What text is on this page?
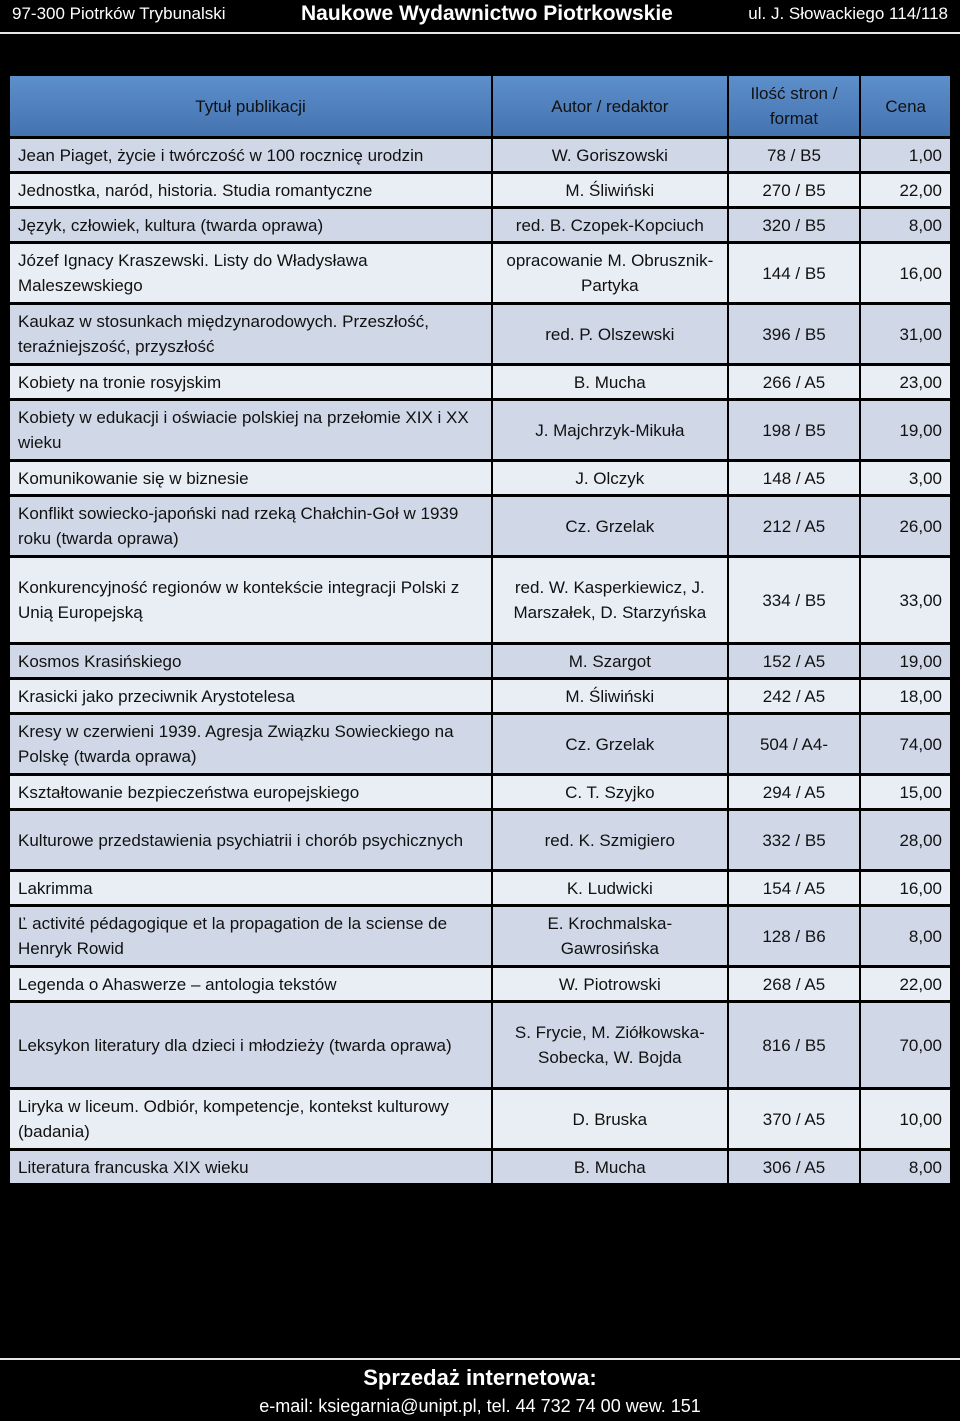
97-300 Piotrków Trybunalski	Naukowe Wydawnictwo Piotrkowskie	ul. J. Słowackiego 114/118
Tytuł publikacji	Autor / redaktor	Ilość stron / format	Cena
Jean Piaget, życie i twórczość w 100 rocznicę urodzin	W. Goriszowski	78 / B5	1,00
Jednostka, naród, historia. Studia romantyczne	M. Śliwiński	270 / B5	22,00
Język, człowiek, kultura (twarda oprawa)	red. B. Czopek-Kopciuch	320 / B5	8,00
Józef Ignacy Kraszewski. Listy do Władysława Maleszewskiego	opracowanie M. Obrusznik-Partyka	144 / B5	16,00
Kaukaz w stosunkach międzynarodowych. Przeszłość, teraźniejszość, przyszłość	red. P. Olszewski	396 / B5	31,00
Kobiety na tronie rosyjskim	B. Mucha	266 / A5	23,00
Kobiety w edukacji i oświacie polskiej na przełomie XIX i XX wieku	J. Majchrzyk-Mikuła	198 / B5	19,00
Komunikowanie się w biznesie	J. Olczyk	148 / A5	3,00
Konflikt sowiecko-japoński nad rzeką Chałchin-Goł w 1939 roku (twarda oprawa)	Cz. Grzelak	212 / A5	26,00
Konkurencyjność regionów w kontekście integracji Polski z Unią Europejską	red. W. Kasperkiewicz, J. Marszałek, D. Starzyńska	334 / B5	33,00
Kosmos Krasińskiego	M. Szargot	152 / A5	19,00
Krasicki jako przeciwnik Arystotelesa	M. Śliwiński	242 / A5	18,00
Kresy w czerwieni 1939. Agresja Związku Sowieckiego na Polskę (twarda oprawa)	Cz. Grzelak	504 / A4-	74,00
Kształtowanie bezpieczeństwa europejskiego	C. T. Szyjko	294 / A5	15,00
Kulturowe przedstawienia psychiatrii i chorób psychicznych	red. K. Szmigiero	332 / B5	28,00
Lakrimma	K. Ludwicki	154 / A5	16,00
Ľ activité pédagogique et la propagation de la sciense de Henryk Rowid	E. Krochmalska-Gawrosińska	128 / B6	8,00
Legenda o Ahaswerze – antologia tekstów	W. Piotrowski	268 / A5	22,00
Leksykon literatury dla dzieci i młodzieży (twarda oprawa)	S. Frycie, M. Ziółkowska-Sobecka, W. Bojda	816 / B5	70,00
Liryka w liceum. Odbiór, kompetencje, kontekst kulturowy (badania)	D. Bruska	370 / A5	10,00
Literatura francuska XIX wieku	B. Mucha	306 / A5	8,00
Sprzedaż internetowa:
e-mail: ksiegarnia@unipt.pl, tel. 44 732 74 00 wew. 151
